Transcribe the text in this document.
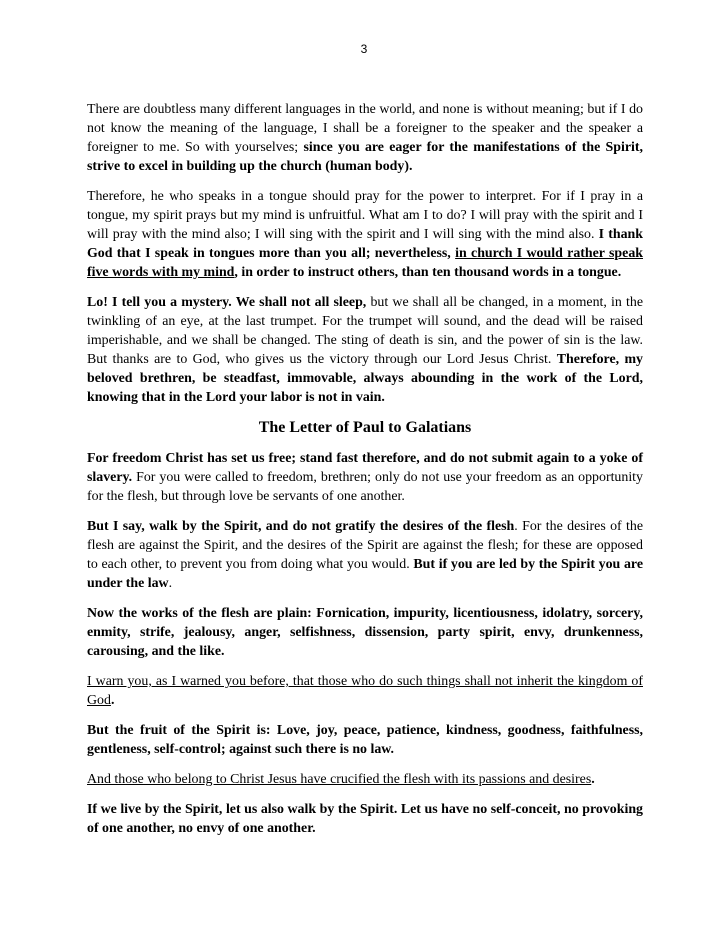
3

There are doubtless many different languages in the world, and none is without meaning; but if I do not know the meaning of the language, I shall be a foreigner to the speaker and the speaker a foreigner to me. So with yourselves; since you are eager for the manifestations of the Spirit, strive to excel in building up the church (human body).

Therefore, he who speaks in a tongue should pray for the power to interpret. For if I pray in a tongue, my spirit prays but my mind is unfruitful. What am I to do? I will pray with the spirit and I will pray with the mind also; I will sing with the spirit and I will sing with the mind also. I thank God that I speak in tongues more than you all; nevertheless, in church I would rather speak five words with my mind, in order to instruct others, than ten thousand words in a tongue.

Lo! I tell you a mystery. We shall not all sleep, but we shall all be changed, in a moment, in the twinkling of an eye, at the last trumpet. For the trumpet will sound, and the dead will be raised imperishable, and we shall be changed. The sting of death is sin, and the power of sin is the law. But thanks are to God, who gives us the victory through our Lord Jesus Christ. Therefore, my beloved brethren, be steadfast, immovable, always abounding in the work of the Lord, knowing that in the Lord your labor is not in vain.

The Letter of Paul to Galatians

For freedom Christ has set us free; stand fast therefore, and do not submit again to a yoke of slavery. For you were called to freedom, brethren; only do not use your freedom as an opportunity for the flesh, but through love be servants of one another.

But I say, walk by the Spirit, and do not gratify the desires of the flesh. For the desires of the flesh are against the Spirit, and the desires of the Spirit are against the flesh; for these are opposed to each other, to prevent you from doing what you would. But if you are led by the Spirit you are under the law.

Now the works of the flesh are plain: Fornication, impurity, licentiousness, idolatry, sorcery, enmity, strife, jealousy, anger, selfishness, dissension, party spirit, envy, drunkenness, carousing, and the like.

I warn you, as I warned you before, that those who do such things shall not inherit the kingdom of God.

But the fruit of the Spirit is: Love, joy, peace, patience, kindness, goodness, faithfulness, gentleness, self-control; against such there is no law.

And those who belong to Christ Jesus have crucified the flesh with its passions and desires.

If we live by the Spirit, let us also walk by the Spirit. Let us have no self-conceit, no provoking of one another, no envy of one another.
